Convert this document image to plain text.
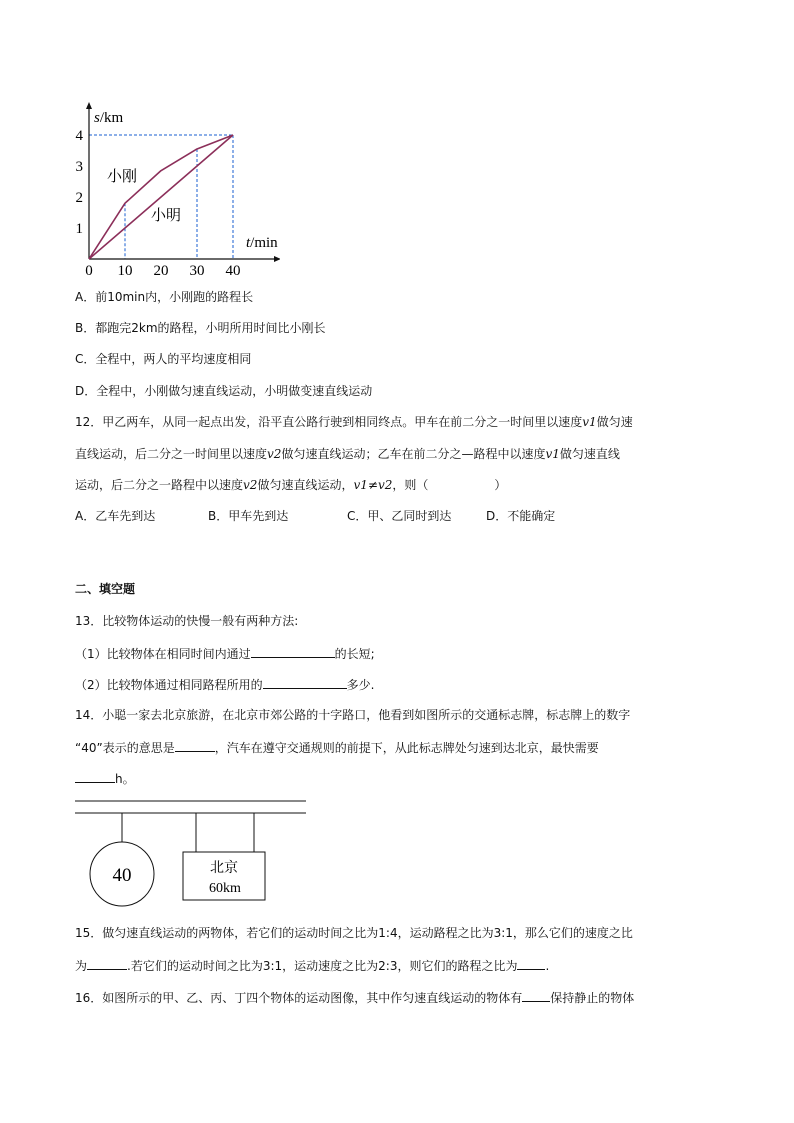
0 10 20 30 40
1
2
3
4
s/km
t/min
小刚
小明
A．前10min内，小刚跑的路程长
B．都跑完2km的路程，小明所用时间比小刚长
C．全程中，两人的平均速度相同
D．全程中，小刚做匀速直线运动，小明做变速直线运动
12．甲乙两车，从同一起点出发，沿平直公路行驶到相同终点。甲车在前二分之一时间里以速度v1做匀速
直线运动，后二分之一时间里以速度v2做匀速直线运动；乙车在前二分之—路程中以速度v1做匀速直线
运动，后二分之一路程中以速度v2做匀速直线运动，v1≠v2，则（	）
A．乙车先到达	B．甲车先到达	C．甲、乙同时到达	D．不能确定
二、填空题
13．比较物体运动的快慢一般有两种方法:
（1）比较物体在相同时间内通过	的长短;
（2）比较物体通过相同路程所用的	多少.
14．小聪一家去北京旅游，在北京市郊公路的十字路口，他看到如图所示的交通标志牌，标志牌上的数字
“40”表示的意思是	，汽车在遵守交通规则的前提下，从此标志牌处匀速到达北京，最快需要
h。
40	北京
60km
15．做匀速直线运动的两物体，若它们的运动时间之比为1:4，运动路程之比为3:1，那么它们的速度之比
为	.若它们的运动时间之比为3:1，运动速度之比为2:3，则它们的路程之比为 .
16．如图所示的甲、乙、丙、丁四个物体的运动图像，其中作匀速直线运动的物体有 保持静止的物体
